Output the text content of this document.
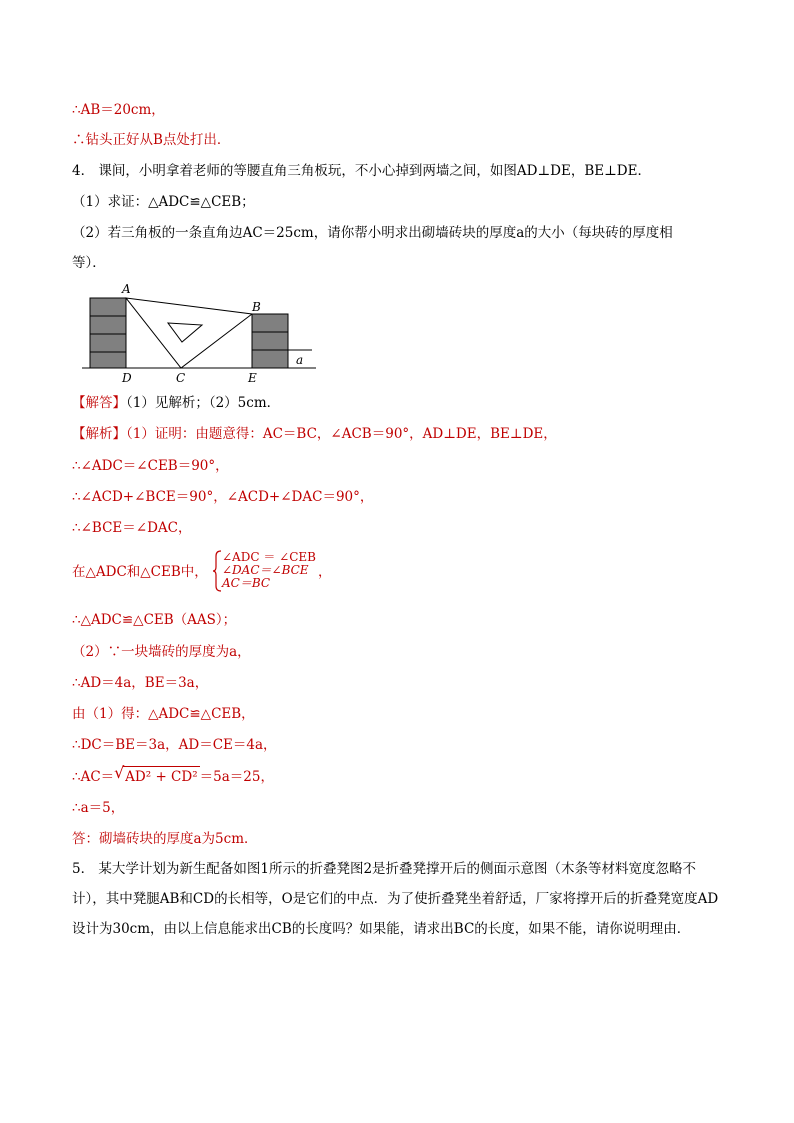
∴AB＝20cm，
∴钻头正好从B点处打出．
4． 课间，小明拿着老师的等腰直角三角板玩，不小心掉到两墙之间，如图AD⊥DE，BE⊥DE．
（1）求证：△ADC≌△CEB；
（2）若三角板的一条直角边AC＝25cm，请你帮小明求出砌墙砖块的厚度a的大小（每块砖的厚度相
等）．
A
B
C
D	E
a
【解答】（1）见解析；（2）5cm．
【解析】（1）证明：由题意得：AC＝BC，∠ACB＝90°，AD⊥DE，BE⊥DE，
∴∠ADC＝∠CEB＝90°，
∴∠ACD+∠BCE＝90°，∠ACD+∠DAC＝90°，
∴∠BCE＝∠DAC，
在△ADC和△CEB中，
∠ADC ＝ ∠CEB
∠DAC＝∠BCE
AC＝BC
，
∴△ADC≌△CEB（AAS）；
（2）∵一块墙砖的厚度为a，
∴AD＝4a，BE＝3a，
由（1）得：△ADC≌△CEB，
∴DC＝BE＝3a，AD＝CE＝4a，
∴AC＝ √ AD² + CD² ＝5a＝25，
∴a＝5，
答：砌墙砖块的厚度a为5cm．
5． 某大学计划为新生配备如图1所示的折叠凳图2是折叠凳撑开后的侧面示意图（木条等材料宽度忽略不计），其中凳腿AB和CD的长相等，O是它们的中点．为了使折叠凳坐着舒适，厂家将撑开后的折叠凳宽度AD设计为30cm，由以上信息能求出CB的长度吗？如果能，请求出BC的长度，如果不能，请你说明理由．
